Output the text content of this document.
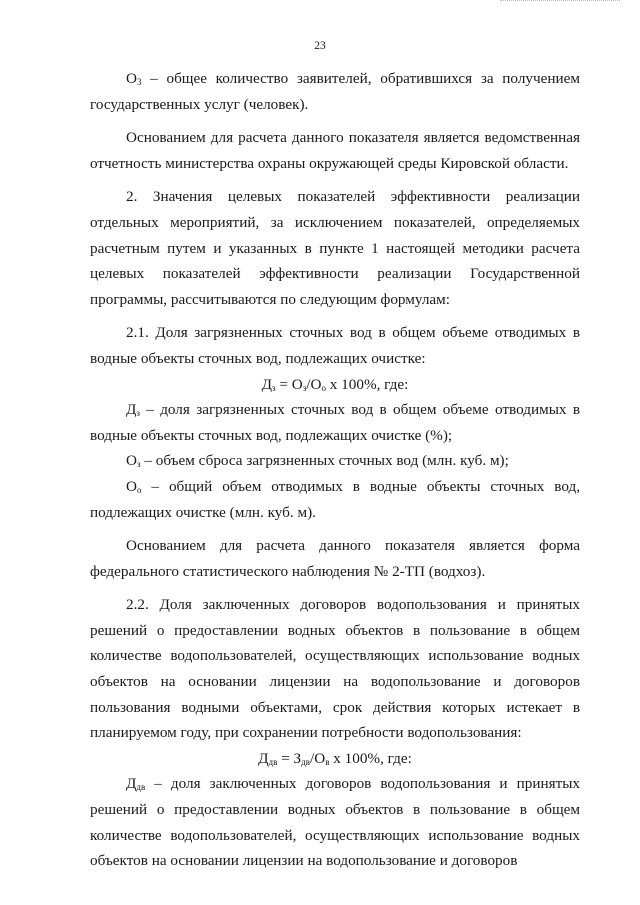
23

$О_3$ – общее количество заявителей, обратившихся за получением государственных услуг (человек).

Основанием для расчета данного показателя является ведомственная отчетность министерства охраны окружающей среды Кировской области.

2. Значения целевых показателей эффективности реализации отдельных мероприятий, за исключением показателей, определяемых расчетным путем и указанных в пункте 1 настоящей методики расчета целевых показателей эффективности реализации Государственной программы, рассчитываются по следующим формулам:

2.1. Доля загрязненных сточных вод в общем объеме отводимых в водные объекты сточных вод, подлежащих очистке:

$Д_з = О_з/О_о$ x 100%, где:

$Д_з$ – доля загрязненных сточных вод в общем объеме отводимых в водные объекты сточных вод, подлежащих очистке (%);

$О_з$ – объем сброса загрязненных сточных вод (млн. куб. м);

$О_о$ – общий объем отводимых в водные объекты сточных вод, подлежащих очистке (млн. куб. м).

Основанием для расчета данного показателя является форма федерального статистического наблюдения № 2-ТП (водхоз).

2.2. Доля заключенных договоров водопользования и принятых решений о предоставлении водных объектов в пользование в общем количестве водопользователей, осуществляющих использование водных объектов на основании лицензии на водопользование и договоров пользования водными объектами, срок действия которых истекает в планируемом году, при сохранении потребности водопользования:

$Д_{дв} = З_{дв}/О_в$ x 100%, где:

$Д_{дв}$ – доля заключенных договоров водопользования и принятых решений о предоставлении водных объектов в пользование в общем количестве водопользователей, осуществляющих использование водных объектов на основании лицензии на водопользование и договоров
